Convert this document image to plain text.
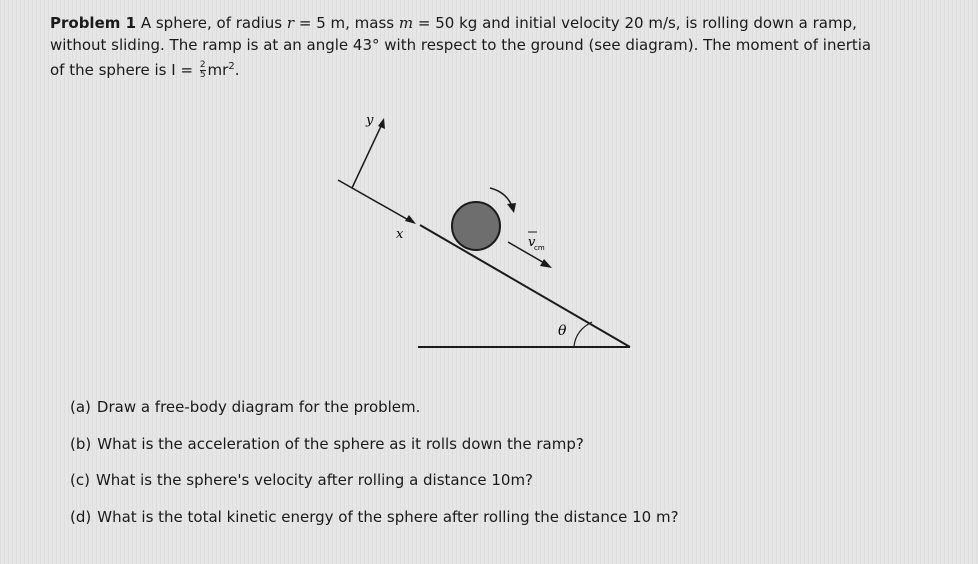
Problem 1 A sphere, of radius r = 5 m, mass m = 50 kg and initial velocity 20 m/s, is rolling down a ramp,

without sliding. The ramp is at an angle 43° with respect to the ground (see diagram). The moment of inertia

of the sphere is $I = \frac{2}{5} mr^2$.

θ
y
x
v
cm
(a) Draw a free-body diagram for the problem.
(b) What is the acceleration of the sphere as it rolls down the ramp?
(c) What is the sphere's velocity after rolling a distance 10m?
(d) What is the total kinetic energy of the sphere after rolling the distance 10 m?
